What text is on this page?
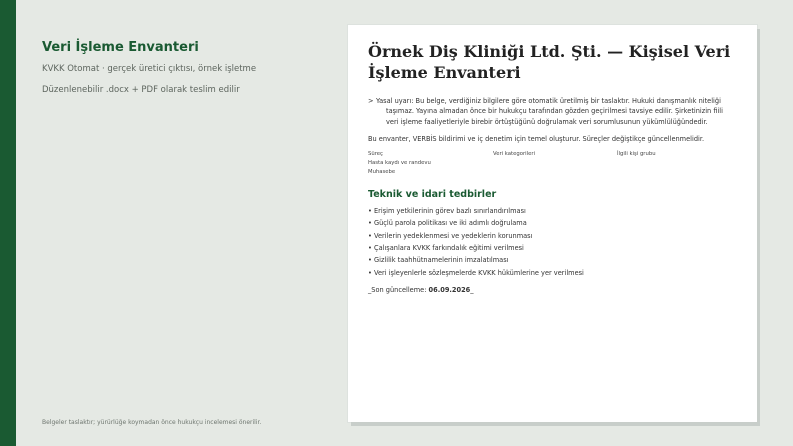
Veri İşleme Envanteri
KVKK Otomat · gerçek üretici çıktısı, örnek işletme
Düzenlenebilir .docx + PDF olarak teslim edilir
Belgeler taslaktır; yürürlüğe koymadan önce hukukçu incelemesi önerilir.
Örnek Diş Kliniği Ltd. Şti. — Kişisel Veri İşleme Envanteri
> Yasal uyarı: Bu belge, verdiğiniz bilgilere göre otomatik üretilmiş bir taslaktır. Hukuki danışmanlık niteliği taşımaz. Yayına almadan önce bir hukukçu tarafından gözden geçirilmesi tavsiye edilir. Şirketinizin fiili veri işleme faaliyetleriyle birebir örtüştüğünü doğrulamak veri sorumlusunun yükümlülüğündedir.
Bu envanter, VERBİS bildirimi ve iç denetim için temel oluşturur. Süreçler değiştikçe güncellenmelidir.
Süreç	Veri kategorileri	İlgili kişi grubu
Hasta kaydı ve randevu
Muhasebe
Teknik ve idari tedbirler
• Erişim yetkilerinin görev bazlı sınırlandırılması
• Güçlü parola politikası ve iki adımlı doğrulama
• Verilerin yedeklenmesi ve yedeklerin korunması
• Çalışanlara KVKK farkındalık eğitimi verilmesi
• Gizlilik taahhütnamelerinin imzalatılması
• Veri işleyenlerle sözleşmelerde KVKK hükümlerine yer verilmesi
_Son güncelleme: 06.09.2026_
